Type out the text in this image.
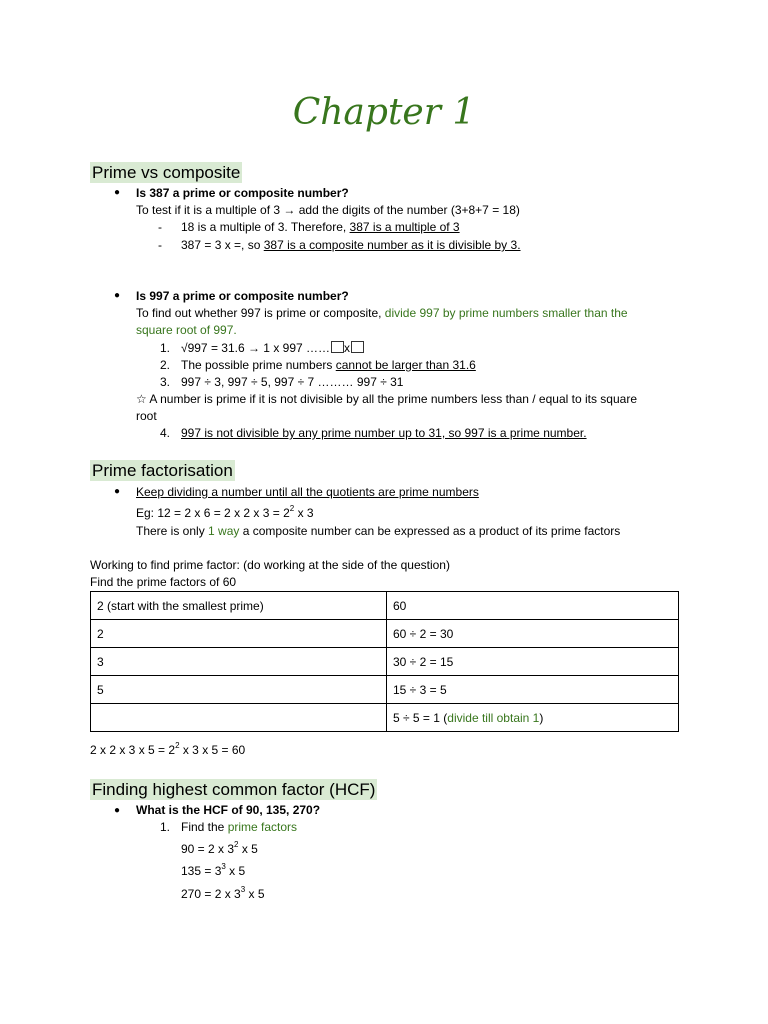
Chapter 1
Prime vs composite
● Is 387 a prime or composite number?
To test if it is a multiple of 3 → add the digits of the number (3+8+7 = 18)
- 18 is a multiple of 3. Therefore, 387 is a multiple of 3
- 387 = 3 x =, so 387 is a composite number as it is divisible by 3.
● Is 997 a prime or composite number?
To find out whether 997 is prime or composite, divide 997 by prime numbers smaller than the
square root of 997.
1. √997 = 31.6 → 1 x 997 …… x
2. The possible prime numbers cannot be larger than 31.6
3. 997 ÷ 3, 997 ÷ 5, 997 ÷ 7 ……… 997 ÷ 31
☆ A number is prime if it is not divisible by all the prime numbers less than / equal to its square
root
4. 997 is not divisible by any prime number up to 31, so 997 is a prime number.
Prime factorisation
● Keep dividing a number until all the quotients are prime numbers
Eg: 12 = 2 x 6 = 2 x 2 x $3 = 2^2$ x 3
There is only 1 way a composite number can be expressed as a product of its prime factors
Working to find prime factor: (do working at the side of the question)
Find the prime factors of 60
2 (start with the smallest prime)	60
2	60 ÷ 2 = 30
3	30 ÷ 2 = 15
5	15 ÷ 3 = 5
	5 ÷ 5 = 1 (divide till obtain 1)
2 x 2 x 3 x $5 = 2^2$ x 3 x 5 = 60
Finding highest common factor (HCF)
● What is the HCF of 90, 135, 270?
1. Find the prime factors
90 = 2 x $3^2$ x 5
$135 = 3^3$ x 5
270 = 2 x $3^3$ x 5
